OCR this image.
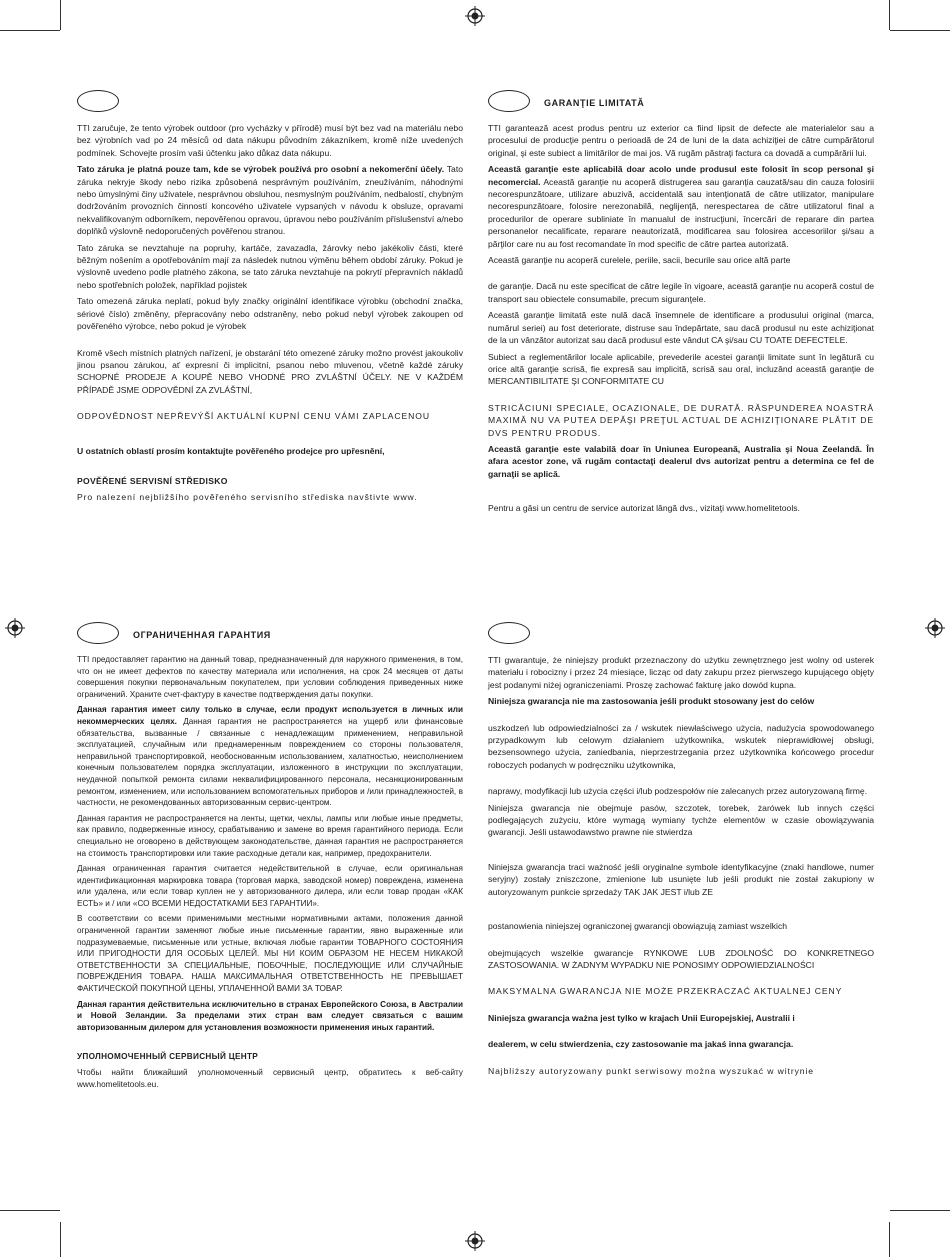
TTI zaručuje, že tento výrobek outdoor (pro vycházky v přírodě) musí být bez vad na materiálu nebo bez výrobních vad po 24 měsíců od data nákupu původním zákazníkem, kromě níže uvedených podmínek. Schovejte prosím vaši účtenku jako důkaz data nákupu.

Tato záruka je platná pouze tam, kde se výrobek používá pro osobní a nekomerční účely. Tato záruka nekryje škody nebo rizika způsobená nesprávným používáním, zneužíváním, náhodnými nebo úmyslnými činy uživatele, nesprávnou obsluhou, nesmyslným používáním, nedbalostí, chybným dodržováním provozních činností koncového uživatele vypsaných v návodu k obsluze, opravami nekvalifikovaným odborníkem, nepověřenou opravou, úpravou nebo používáním příslušenství a/nebo doplňků výslovně nedoporučených pověřenou stranou.

Tato záruka se nevztahuje na popruhy, kartáče, zavazadla, žárovky nebo jakékoliv části, které běžným nošením a opotřebováním mají za následek nutnou výměnu během období záruky. Pokud je výslovně uvedeno podle platného zákona, se tato záruka nevztahuje na pokrytí přepravních nákladů nebo spotřebních položek, například pojistek

Tato omezená záruka neplatí, pokud byly značky originální identifikace výrobku (obchodní značka, sériové číslo) změněny, přepracovány nebo odstraněny, nebo pokud nebyl výrobek zakoupen od pověřeného výrobce, nebo pokud je výrobek

Kromě všech místních platných nařízení, je obstarání této omezené záruky možno provést jakoukoliv jinou psanou zárukou, ať expresní či implicitní, psanou nebo mluvenou, včetně každé záruky SCHOPNÉ PRODEJE A KOUPĚ NEBO VHODNÉ PRO ZVLÁŠTNÍ ÚČELY. NE V KAŽDÉM PŘÍPADĚ JSME ODPOVĚDNÍ ZA ZVLÁŠTNÍ,

ODPOVĚDNOST NEPŘEVÝŠÍ AKTUÁLNÍ KUPNÍ CENU VÁMI ZAPLACENOU

U ostatních oblastí prosím kontaktujte pověřeného prodejce pro upřesnění,

POVĚŘENÉ SERVISNÍ STŘEDISKO

Pro nalezení nejbližšího pověřeného servisního střediska navštivte www.

GARANŢIE LIMITATĂ

TTI garantează acest produs pentru uz exterior ca fiind lipsit de defecte ale materialelor sau a procesului de producţie pentru o perioadă de 24 de luni de la data achiziţiei de către cumpărătorul original, şi este subiect a limitărilor de mai jos. Vă rugăm păstraţi factura ca dovadă a cumpărării lui.

Această garanţie este aplicabilă doar acolo unde produsul este folosit în scop personal şi necomercial. Această garanţie nu acoperă distrugerea sau garanţia cauzată/sau din cauza folosirii necorespunzătoare, utilizare abuzivă, accidentală sau intenţionată de către utilizator, manipulare necorespunzătoare, folosire nerezonabilă, neglijenţă, nerespectarea de către utilizatorul final a procedurilor de operare subliniate în manualul de instrucţiuni, încercări de reparare din partea personanelor necalificate, reparare neautorizată, modificarea sau folosirea accesoriilor şi/sau a părţilor care nu au fost recomandate în mod specific de către partea autorizată.

Această garanţie nu acoperă curelele, periile, sacii, becurile sau orice altă parte

de garanţie. Dacă nu este specificat de către legile în vigoare, această garanţie nu acoperă costul de transport sau obiectele consumabile, precum siguranţele.

Această garanţie limitată este nulă dacă însemnele de identificare a produsului original (marca, numărul seriei) au fost deteriorate, distruse sau îndepărtate, sau dacă produsul nu este achiziţionat de la un vânzător autorizat sau dacă produsul este vândut CA şi/sau CU TOATE DEFECTELE.

Subiect a reglementărilor locale aplicabile, prevederile acestei garanţii limitate sunt în legătură cu orice altă garanţie scrisă, fie expresă sau implicită, scrisă sau oral, incluzând această garanţie de MERCANTIBILITATE ŞI CONFORMITATE CU

STRICĂCIUNI SPECIALE, OCAZIONALE, DE DURATĂ. RĂSPUNDEREA NOASTRĂ MAXIMĂ NU VA PUTEA DEPĂŞI PREŢUL ACTUAL DE ACHIZIŢIONARE PLĂTIT DE DVS PENTRU PRODUS.

Această garanţie este valabilă doar în Uniunea Europeană, Australia şi Noua Zeelandă. În afara acestor zone, vă rugăm contactaţi dealerul dvs autorizat pentru a determina ce fel de garnaţii se aplică.

Pentru a găsi un centru de service autorizat lângă dvs., vizitaţi www.homelitetools.

ОГРАНИЧЕННАЯ ГАРАНТИЯ

TTI предоставляет гарантию на данный товар, предназначенный для наружного применения, в том, что он не имеет дефектов по качеству материала или исполнения, на срок 24 месяцев от даты совершения покупки первоначальным покупателем, при условии соблюдения приведенных ниже ограничений. Храните счет-фактуру в качестве подтверждения даты покупки.

Данная гарантия имеет силу только в случае, если продукт используется в личных или некоммерческих целях. Данная гарантия не распространяется на ущерб или финансовые обязательства, вызванные / связанные с ненадлежащим применением, неправильной эксплуатацией, случайным или преднамеренным повреждением со стороны пользователя, неправильной транспортировкой, необоснованным использованием, халатностью, неисполнением конечным пользователем порядка эксплуатации, изложенного в инструкции по эксплуатации, неудачной попыткой ремонта силами неквалифицированного персонала, несанкционированным ремонтом, изменением, или использованием вспомогательных приборов и /или принадлежностей, в частности, не рекомендованных авторизованным сервис-центром.

Данная гарантия не распространяется на ленты, щетки, чехлы, лампы или любые иные предметы, как правило, подверженные износу, срабатыванию и замене во время гарантийного периода. Если специально не оговорено в действующем законодательстве, данная гарантия не распространяется на стоимость транспортировки или такие расходные детали как, например, предохранители.

Данная ограниченная гарантия считается недействительной в случае, если оригинальная идентификационная маркировка товара (торговая марка, заводской номер) повреждена, изменена или удалена, или если товар куплен не у авторизованного дилера, или если товар продан «КАК ЕСТЬ» и / или «СО ВСЕМИ НЕДОСТАТКАМИ БЕЗ ГАРАНТИИ».

В соответствии со всеми применимыми местными нормативными актами, положения данной ограниченной гарантии заменяют любые иные письменные гарантии, явно выраженные или подразумеваемые, письменные или устные, включая любые гарантии ТОВАРНОГО СОСТОЯНИЯ ИЛИ ПРИГОДНОСТИ ДЛЯ ОСОБЫХ ЦЕЛЕЙ. МЫ НИ КОИМ ОБРАЗОМ НЕ НЕСЕМ НИКАКОЙ ОТВЕТСТВЕННОСТИ ЗА СПЕЦИАЛЬНЫЕ, ПОБОЧНЫЕ, ПОСЛЕДУЮЩИЕ ИЛИ СЛУЧАЙНЫЕ ПОВРЕЖДЕНИЯ ТОВАРА. НАША МАКСИМАЛЬНАЯ ОТВЕТСТВЕННОСТЬ НЕ ПРЕВЫШАЕТ ФАКТИЧЕСКОЙ ПОКУПНОЙ ЦЕНЫ, УПЛАЧЕННОЙ ВАМИ ЗА ТОВАР.

Данная гарантия действительна исключительно в странах Европейского Союза, в Австралии и Новой Зеландии. За пределами этих стран вам следует связаться с вашим авторизованным дилером для установления возможности применения иных гарантий.

УПОЛНОМОЧЕННЫЙ СЕРВИСНЫЙ ЦЕНТР

Чтобы найти ближайший уполномоченный сервисный центр, обратитесь к веб-сайту www.homelitetools.eu.

TTI gwarantuje, że niniejszy produkt przeznaczony do użytku zewnętrznego jest wolny od usterek materiału i robocizny i przez 24 miesiące, licząc od daty zakupu przez pierwszego kupującego objęty jest podanymi niżej ograniczeniami. Proszę zachować fakturę jako dowód kupna.

Niniejsza gwarancja nie ma zastosowania jeśli produkt stosowany jest do celów

uszkodzeń lub odpowiedzialności za / wskutek niewłaściwego użycia, nadużycia spowodowanego przypadkowym lub celowym działaniem użytkownika, wskutek nieprawidłowej obsługi, bezsensownego użycia, zaniedbania, nieprzestrzegania przez użytkownika końcowego procedur roboczych podanych w podręczniku użytkownika,

naprawy, modyfikacji lub użycia części i/lub podzespołów nie zalecanych przez autoryzowaną firmę.

Niniejsza gwarancja nie obejmuje pasów, szczotek, torebek, żarówek lub innych części podlegających zużyciu, które wymagą wymiany tychże elementów w czasie obowiązywania gwarancji. Jeśli ustawodawstwo prawne nie stwierdza

Niniejsza gwarancja traci ważność jeśli oryginalne symbole identyfikacyjne (znaki handlowe, numer seryjny) zostały zniszczone, zmienione lub usunięte lub jeśli produkt nie został zakupiony w autoryzowanym punkcie sprzedaży TAK JAK JEST i/lub ZE

postanowienia niniejszej ograniczonej gwarancji obowiązują zamiast wszelkich

obejmujących wszelkie gwarancje RYNKOWE LUB ZDOLNOŚĆ DO KONKRETNEGO ZASTOSOWANIA. W ŻADNYM WYPADKU NIE PONOSIMY ODPOWIEDZIALNOŚCI

MAKSYMALNA GWARANCJA NIE MOŻE PRZEKRACZAĆ AKTUALNEJ CENY

Niniejsza gwarancja ważna jest tylko w krajach Unii Europejskiej, Australii i

dealerem, w celu stwierdzenia, czy zastosowanie ma jakaś inna gwarancja.

Najbliższy autoryzowany punkt serwisowy można wyszukać w witrynie
